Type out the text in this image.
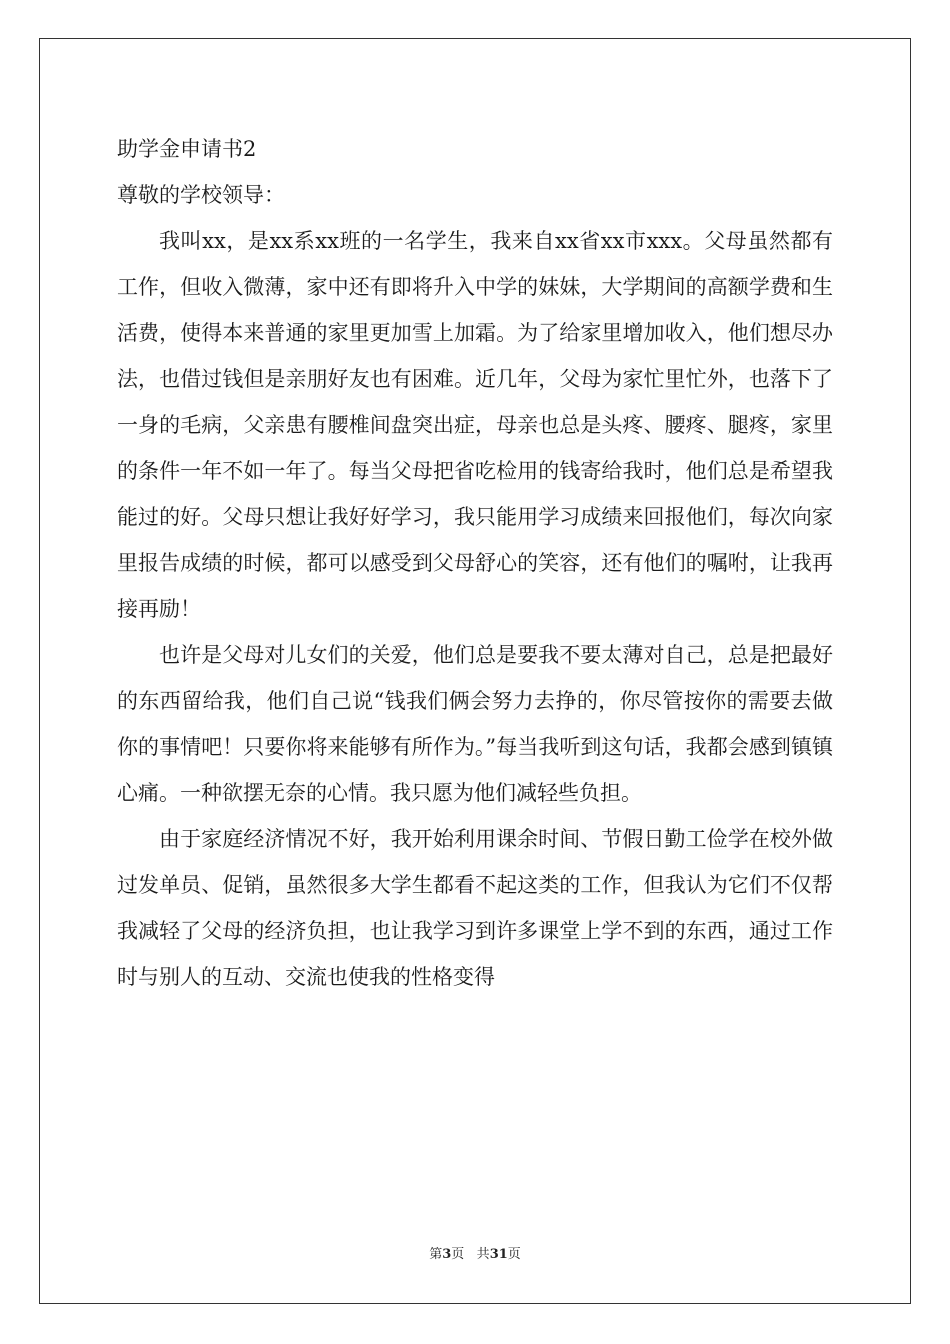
助学金申请书2

尊敬的学校领导：

我叫xx，是xx系xx班的一名学生，我来自xx省xx市xxx。父母虽然都有工作，但收入微薄，家中还有即将升入中学的妹妹，大学期间的高额学费和生活费，使得本来普通的家里更加雪上加霜。为了给家里增加收入，他们想尽办法，也借过钱但是亲朋好友也有困难。近几年，父母为家忙里忙外，也落下了一身的毛病，父亲患有腰椎间盘突出症，母亲也总是头疼、腰疼、腿疼，家里的条件一年不如一年了。每当父母把省吃检用的钱寄给我时，他们总是希望我能过的好。父母只想让我好好学习，我只能用学习成绩来回报他们，每次向家里报告成绩的时候，都可以感受到父母舒心的笑容，还有他们的嘱咐，让我再接再励！

也许是父母对儿女们的关爱，他们总是要我不要太薄对自己，总是把最好的东西留给我，他们自己说“钱我们俩会努力去挣的，你尽管按你的需要去做你的事情吧！只要你将来能够有所作为。”每当我听到这句话，我都会感到镇镇心痛。一种欲摆无奈的心情。我只愿为他们减轻些负担。

由于家庭经济情况不好，我开始利用课余时间、节假日勤工俭学在校外做过发单员、促销，虽然很多大学生都看不起这类的工作，但我认为它们不仅帮我减轻了父母的经济负担，也让我学习到许多课堂上学不到的东西，通过工作时与别人的互动、交流也使我的性格变得

第3页 共31页
